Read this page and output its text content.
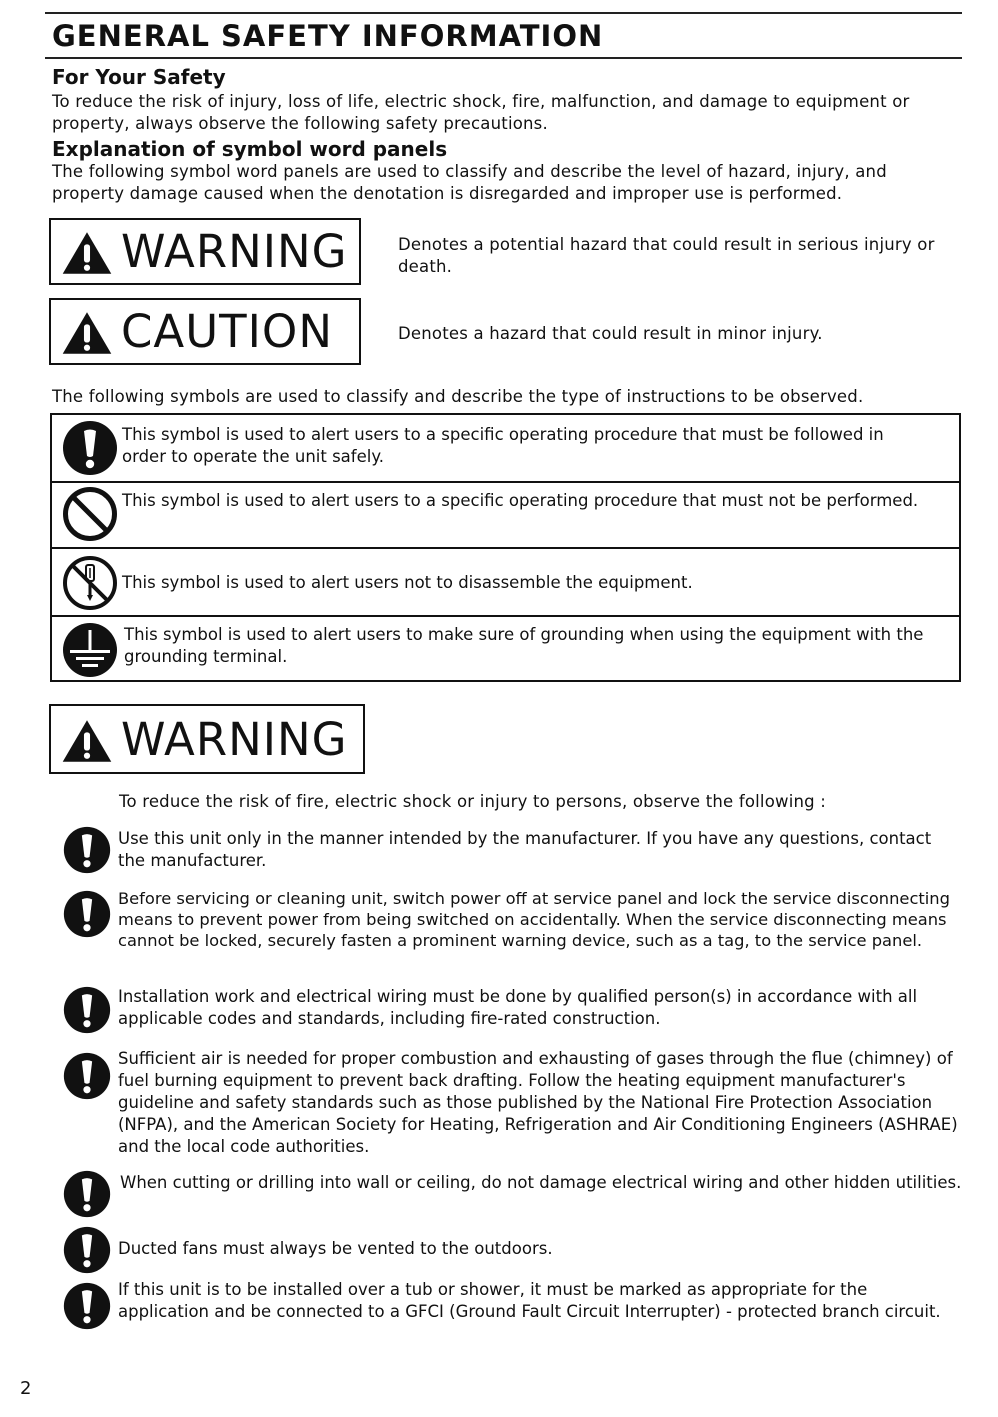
GENERAL SAFETY INFORMATION
For Your Safety

To reduce the risk of injury, loss of life, electric shock, fire, malfunction, and damage to equipment or property, always observe the following safety precautions.

Explanation of symbol word panels

The following symbol word panels are used to classify and describe the level of hazard, injury, and property damage caused when the denotation is disregarded and improper use is performed.

WARNING	Denotes a potential hazard that could result in serious injury or death.

CAUTION	Denotes a hazard that could result in minor injury.

The following symbols are used to classify and describe the type of instructions to be observed.

This symbol is used to alert users to a specific operating procedure that must be followed in order to operate the unit safely.

This symbol is used to alert users to a specific operating procedure that must not be performed.

This symbol is used to alert users not to disassemble the equipment.

This symbol is used to alert users to make sure of grounding when using the equipment with the grounding terminal.

WARNING

To reduce the risk of fire, electric shock or injury to persons, observe the following :

Use this unit only in the manner intended by the manufacturer. If you have any questions, contact the manufacturer.

Before servicing or cleaning unit, switch power off at service panel and lock the service disconnecting means to prevent power from being switched on accidentally. When the service disconnecting means cannot be locked, securely fasten a prominent warning device, such as a tag, to the service panel.

Installation work and electrical wiring must be done by qualified person(s) in accordance with all applicable codes and standards, including fire-rated construction.

Sufficient air is needed for proper combustion and exhausting of gases through the flue (chimney) of fuel burning equipment to prevent back drafting. Follow the heating equipment manufacturer's guideline and safety standards such as those published by the National Fire Protection Association (NFPA), and the American Society for Heating, Refrigeration and Air Conditioning Engineers (ASHRAE) and the local code authorities.

When cutting or drilling into wall or ceiling, do not damage electrical wiring and other hidden utilities.

Ducted fans must always be vented to the outdoors.

If this unit is to be installed over a tub or shower, it must be marked as appropriate for the application and be connected to a GFCI (Ground Fault Circuit Interrupter) - protected branch circuit.

2
